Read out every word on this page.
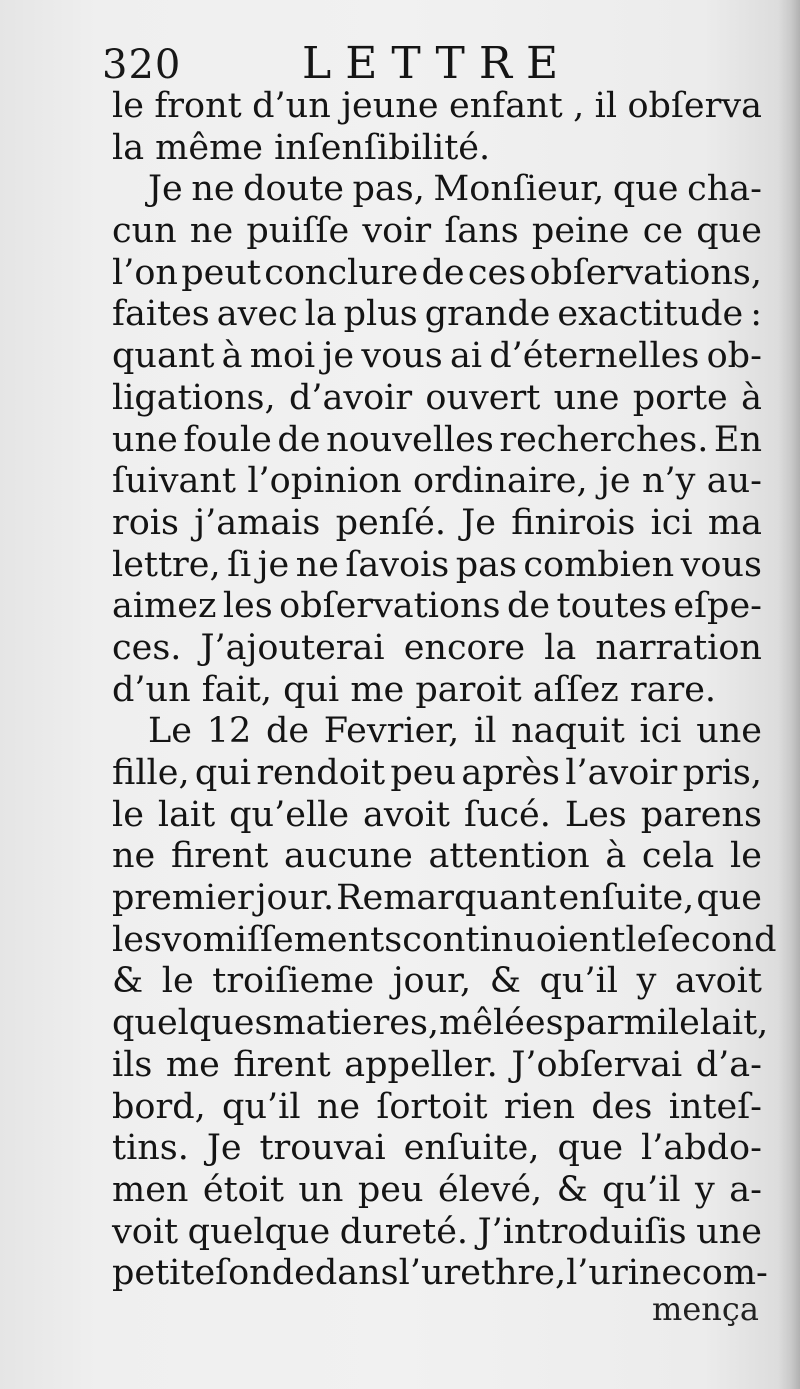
320	LETTRE
le front d’un jeune enfant , il obſerva
la même inſenſibilité.
Je ne doute pas, Monſieur, que cha-
cun ne puiſſe voir ſans peine ce que
l’on peut conclure de ces obſervations,
faites avec la plus grande exactitude :
quant à moi je vous ai d’éternelles ob-
ligations, d’avoir ouvert une porte à
une foule de nouvelles recherches. En
ſuivant l’opinion ordinaire, je n’y au-
rois j’amais penſé. Je finirois ici ma
lettre, ſi je ne ſavois pas combien vous
aimez les obſervations de toutes eſpe-
ces. J’ajouterai encore la narration
d’un fait, qui me paroit aſſez rare.
Le 12 de Fevrier, il naquit ici une
fille, qui rendoit peu après l’avoir pris,
le lait qu’elle avoit ſucé. Les parens
ne firent aucune attention à cela le
premier jour. Remarquant enſuite, que
les vomiſſements continuoient le ſecond
& le troiſieme jour, & qu’il y avoit
quelques matieres, mêlées parmi le lait,
ils me firent appeller. J’obſervai d’a-
bord, qu’il ne ſortoit rien des inteſ-
tins. Je trouvai enſuite, que l’abdo-
men étoit un peu élevé, & qu’il y a-
voit quelque dureté. J’introduiſis une
petite ſonde dans l’urethre, l’urine com-
mença
